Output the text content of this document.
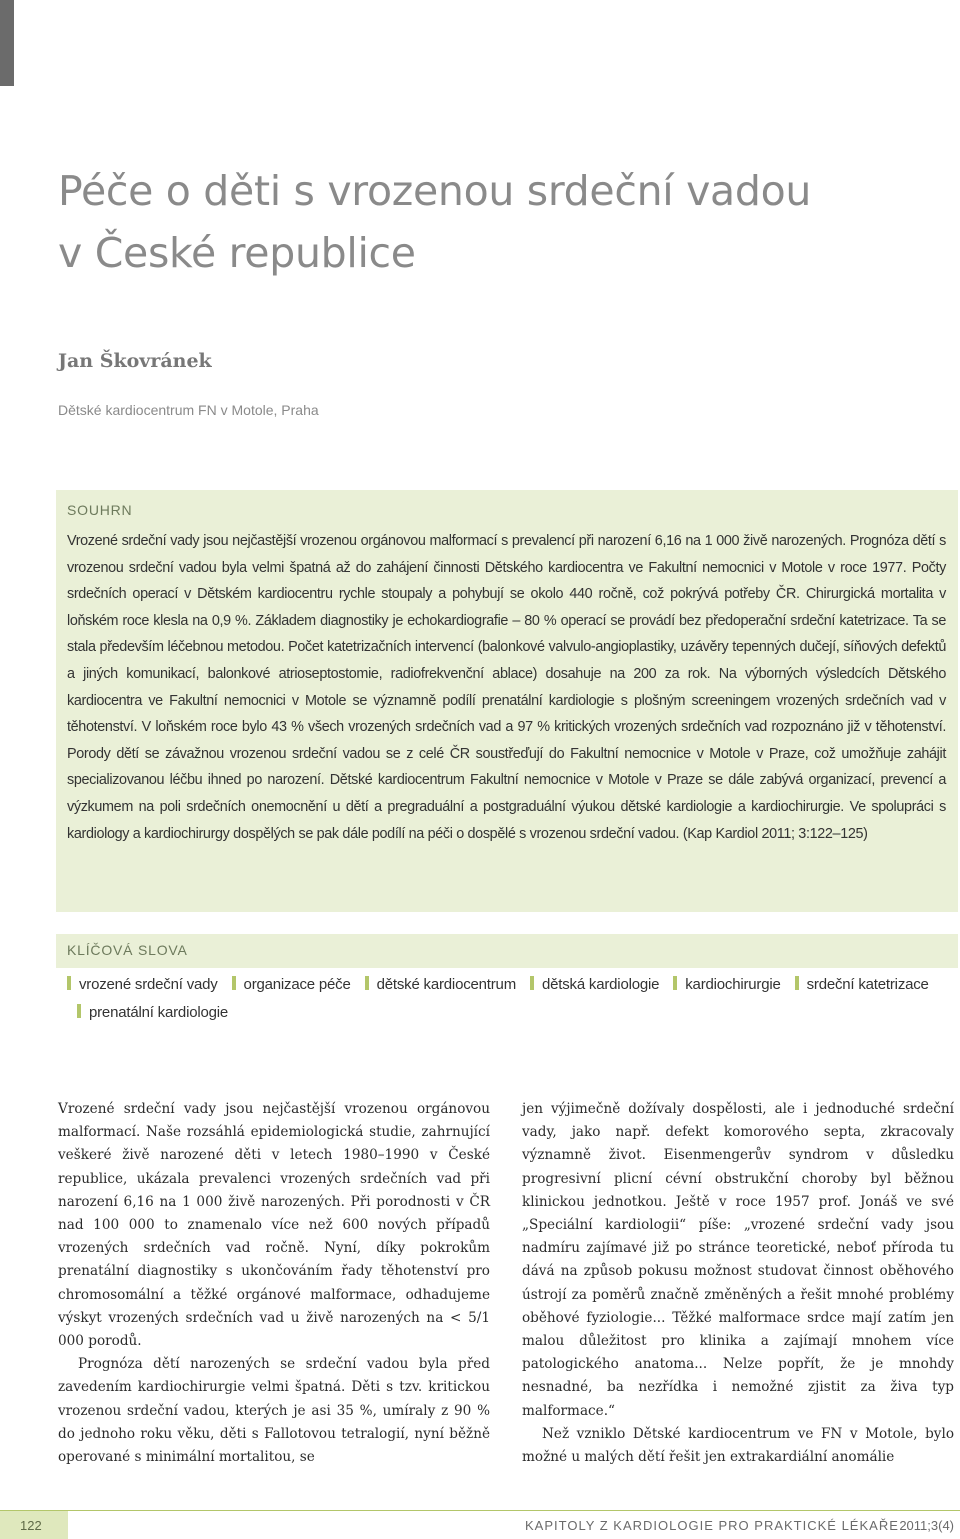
Péče o děti s vrozenou srdeční vadou
v České republice
Jan Škovránek
Dětské kardiocentrum FN v Motole, Praha
SOUHRN

Vrozené srdeční vady jsou nejčastější vrozenou orgánovou malformací s prevalencí při narození 6,16 na 1 000 živě narozených. Prognóza dětí s vrozenou srdeční vadou byla velmi špatná až do zahájení činnosti Dětského kardiocentra ve Fakultní nemocnici v Motole v roce 1977. Počty srdečních operací v Dětském kardiocentru rychle stoupaly a pohybují se okolo 440 ročně, což pokrývá potřeby ČR. Chirurgická mortalita v loňském roce klesla na 0,9 %. Základem diagnostiky je echokardiografie – 80 % operací se provádí bez předoperační srdeční katetrizace. Ta se stala především léčebnou metodou. Počet katetrizačních intervencí (balonkové valvulo-angioplastiky, uzávěry tepenných dučejí, síňových defektů a jiných komunikací, balonkové atrioseptostomie, radiofrekvenční ablace) dosahuje na 200 za rok. Na výborných výsledcích Dětského kardiocentra ve Fakultní nemocnici v Motole se významně podílí prenatální kardiologie s plošným screeningem vrozených srdečních vad v těhotenství. V loňském roce bylo 43 % všech vrozených srdečních vad a 97 % kritických vrozených srdečních vad rozpoznáno již v těhotenství. Porody dětí se závažnou vrozenou srdeční vadou se z celé ČR soustřeďují do Fakultní nemocnice v Motole v Praze, což umožňuje zahájit specializovanou léčbu ihned po narození. Dětské kardiocentrum Fakultní nemocnice v Motole v Praze se dále zabývá organizací, prevencí a výzkumem na poli srdečních onemocnění u dětí a pregraduální a postgraduální výukou dětské kardiologie a kardiochirurgie. Ve spolupráci s kardiology a kardiochirurgy dospělých se pak dále podílí na péči o dospělé s vrozenou srdeční vadou. (Kap Kardiol 2011; 3:122–125)

KLÍČOVÁ SLOVA
vrozené srdeční vady organizace péče dětské kardiocentrum dětská kardiologie kardiochirurgie srdeční katetrizace prenatální kardiologie

Vrozené srdeční vady jsou nejčastější vrozenou orgánovou malformací. Naše rozsáhlá epidemiologická studie, zahrnující veškeré živě narozené děti v letech 1980–1990 v České republice, ukázala prevalenci vrozených srdečních vad při narození 6,16 na 1 000 živě narozených. Při porodnosti v ČR nad 100 000 to znamenalo více než 600 nových případů vrozených srdečních vad ročně. Nyní, díky pokrokům prenatální diagnostiky s ukončováním řady těhotenství pro chromosomální a těžké orgánové malformace, odhadujeme výskyt vrozených srdečních vad u živě narozených na < 5/1 000 porodů.

Prognóza dětí narozených se srdeční vadou byla před zavedením kardiochirurgie velmi špatná. Děti s tzv. kritickou vrozenou srdeční vadou, kterých je asi 35 %, umíraly z 90 % do jednoho roku věku, děti s Fallotovou tetralogií, nyní běžně operované s minimální mortalitou, se

jen výjimečně dožívaly dospělosti, ale i jednoduché srdeční vady, jako např. defekt komorového septa, zkracovaly významně život. Eisenmengerův syndrom v důsledku progresivní plicní cévní obstrukční choroby byl běžnou klinickou jednotkou. Ještě v roce 1957 prof. Jonáš ve své „Speciální kardiologii“ píše: „vrozené srdeční vady jsou nadmíru zajímavé již po stránce teoretické, neboť příroda tu dává na způsob pokusu možnost studovat činnost oběhového ústrojí za poměrů značně změněných a řešit mnohé problémy oběhové fyziologie... Těžké malformace srdce mají zatím jen malou důležitost pro klinika a zajímají mnohem více patologického anatoma... Nelze popřít, že je mnohdy nesnadné, ba nezřídka i nemožné zjistit za živa typ malformace.“

Než vzniklo Dětské kardiocentrum ve FN v Motole, bylo možné u malých dětí řešit jen extrakardiální anomálie

122	KAPITOLY Z KARDIOLOGIE PRO PRAKTICKÉ LÉKAŘE 2011;3(4)
